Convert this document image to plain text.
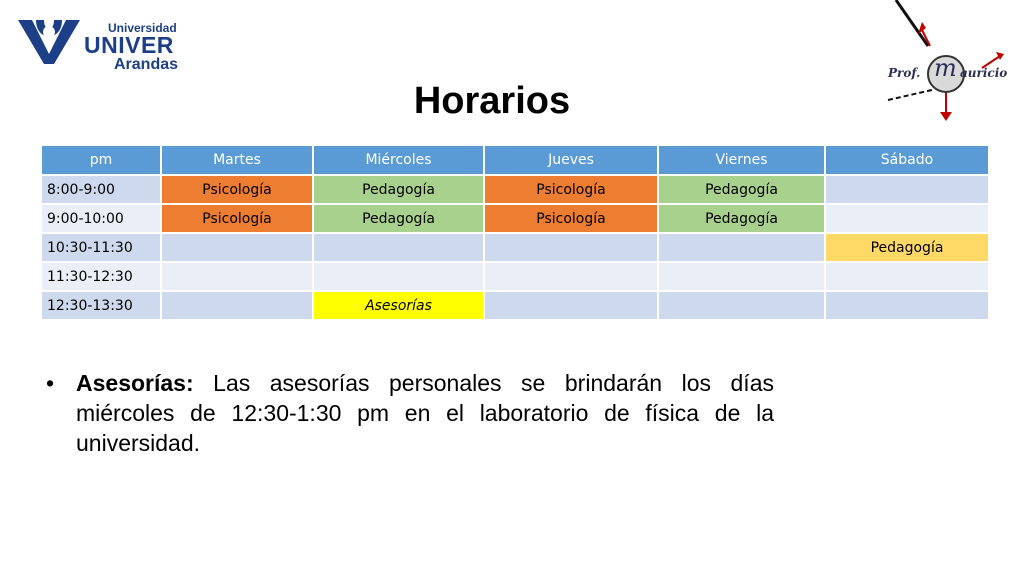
Universidad
UNIVER
Arandas	Prof. m auricio
Horarios
pm	Martes	Miércoles	Jueves	Viernes	Sábado
8:00-9:00	Psicología	Pedagogía	Psicología	Pedagogía	
9:00-10:00	Psicología	Pedagogía	Psicología	Pedagogía	
10:30-11:30					Pedagogía
11:30-12:30					
12:30-13:30		Asesorías			
• Asesorías: Las asesorías personales se brindarán los días miércoles de 12:30-1:30 pm en el laboratorio de física de la universidad.
